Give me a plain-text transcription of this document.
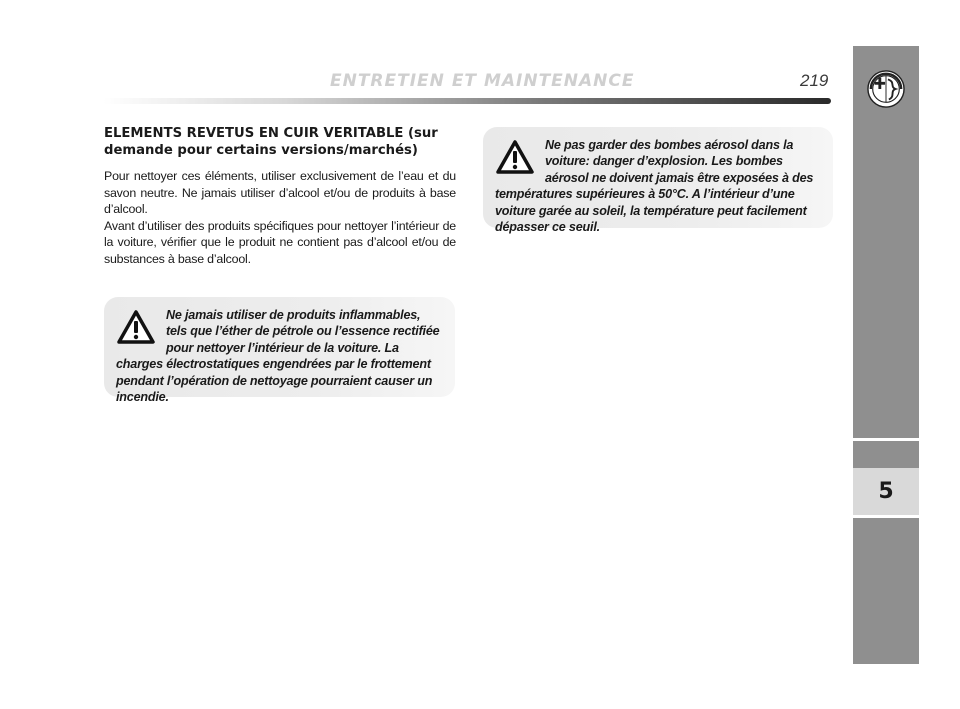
ENTRETIEN ET MAINTENANCE	219
5
ELEMENTS REVETUS EN CUIR VERITABLE (sur demande pour certains versions/marchés)

Pour nettoyer ces éléments, utiliser exclusivement de l’eau et du savon neutre. Ne jamais utiliser d’alcool et/ou de produits à base d’alcool.

Avant d’utiliser des produits spécifiques pour nettoyer l’intérieur de la voiture, vérifier que le produit ne contient pas d’alcool et/ou de substances à base d’alcool.

Ne jamais utiliser de produits inflammables, tels que l’éther de pétrole ou l’essence rectifiée pour nettoyer l’intérieur de la voiture. La charges électrostatiques engendrées par le frottement pendant l’opération de nettoyage pourraient causer un incendie.
Ne pas garder des bombes aérosol dans la voiture: danger d’explosion. Les bombes aérosol ne doivent jamais être exposées à des températures supérieures à 50°C. A l’intérieur d’une voiture garée au soleil, la température peut facilement dépasser ce seuil.
